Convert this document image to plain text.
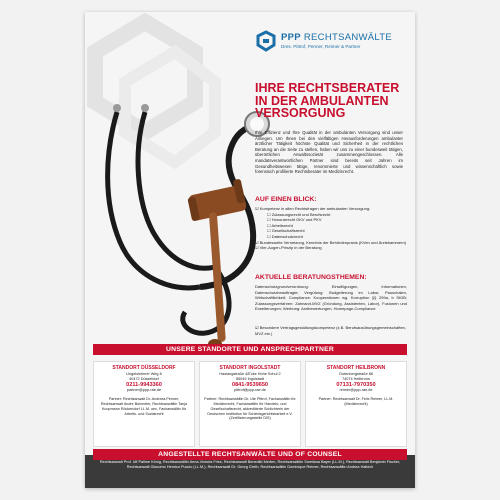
PPP RECHTSANWÄLTE
Dres. Pittrof, Penner, Reimer & Partner
IHRE RECHTSBERATER
IN DER AMBULANTEN
VERSORGUNG
Ihre Effizienz und Ihre Qualität in der ambulanten Versorgung sind unser Anliegen. Um Ihnen bei den vielfältigen Herausforderungen ambulanter ärztlicher Tätigkeit höchste Qualität und Sicherheit in der rechtlichen Beratung an die Seite zu stellen, haben wir uns zu einer bundesweit tätigen, überörtlichen Anwaltssozietät zusammengeschlossen. Alle mandatsverantwortlichen Partner sind bereits seit Jahren im Gesundheitswesen tätige, renommierte und wissenschaftlich sowie forensisch profilierte Rechtsberater im Medizinrecht.
AUF EINEN BLICK:
☑ Kompetenz in allen Rechtsfragen der ambulanten Versorgung:
☐ Zulassungsrecht und Berufsrecht
☐ Honorarrecht GKV und PKV
☐ Arbeitsrecht
☐ Gesellschaftsrecht
☐ Datenschutzrecht
☑ Bundesweite Vernetzung, Kenntnis der Behördenpraxis (KVen und Ärztekammern)
☑ Vier-Augen-Prinzip in der Beratung
AKTUELLE BERATUNGSTHEMEN:
Datenschutzgrundverordnung: Einwilligungen, Informationen, Datenschutzbeauftragte; Vergütung: Budgetierung im Labor, Pauschalen, Wirtschaftlichkeit; Compliance: Kooperationen wg. Korruption §§ 299a, b StGB; Zulassungsverfahren: Zahnarzt-MVZ (Gründung, Assistenten, Labor), Fusionen und Erweiterungen; Werbung: Arztbewertungen, Homepage-Compliance
☑ Besondere Vertragsgestaltungskompetenz (z.B. Berufsausübungsgemeinschaften, MVZ etc.)
UNSERE STANDORTE UND ANSPRECHPARTNER
STANDORT DÜSSELDORF
Ungelsheimer Weg 8
40472 Düsseldorf
0211-9943360
partner@ppp-rae.de
Partner: Rechtsanwalt Dr. Andreas Penner, Rechtsanwalt Andre Bohmeier, Rechtsanwältin Tanja Koopmann Röckendorf LL.M. oec, Fachanwältin für Arbeits- und Sozialrecht
STANDORT INGOLSTADT
Haslangstraße 4/Ecke Hohe Schul 2
85049 Ingolstadt
0841-9539650
pittrof@ppp-rae.de
Partner: Rechtsanwältin Dr. Ute Pittrof, Fachanwältin für Medizinrecht, Fachanwältin für Handels- und Gesellschaftsrecht, akkreditierte Schlichterin der Deutschen Institution für Schiedsgerichtsbarkeit e.V. (Zertifizierungsstelle DIS)
STANDORT HEILBRONN
Gutenbergstraße 86
74074 Heilbronn
07131-7970350
reimer@ppp-rae.de
Partner: Rechtsanwalt Dr. Felix Reimer, LL.M. (Medizinrecht)
ANGESTELLTE RECHTSANWÄLTE UND OF COUNSEL
Rechtsanwalt Prof. Ulf Pallme König, Rechtsanwältin Anna-Victoria Fries, Rechtsanwalt Benedikt Merten, Rechtsanwältin Swetlana Bayer (LL.M.), Rechtsanwalt Benjamin Fischer, Rechtsanwalt Giacomo Henrico Puccio (LL.M.), Rechtsanwalt Dr. Georg Greth, Rechtsanwältin Dominique Reimer, Rechtsanwältin Andrea Halbich
